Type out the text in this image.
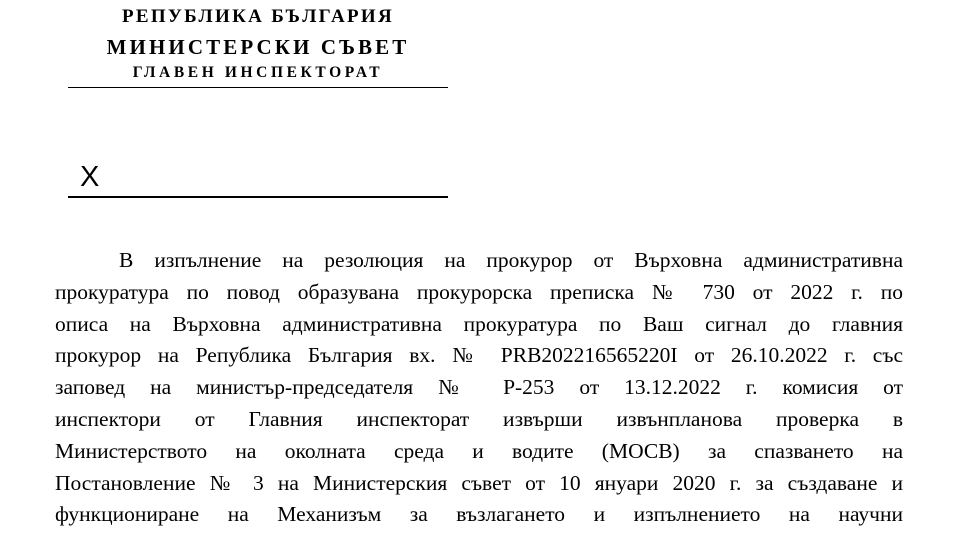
РЕПУБЛИКА БЪЛГАРИЯ
МИНИСТЕРСКИ СЪВЕТ
ГЛАВЕН ИНСПЕКТОРАТ
X
В изпълнение на резолюция на прокурор от Върховна административна
прокуратура по повод образувана прокурорска преписка № 730 от 2022 г. по
описа на Върховна административна прокуратура по Ваш сигнал до главния
прокурор на Република България вх. № PRB202216565220I от 26.10.2022 г. със
заповед на министър-председателя № Р-253 от 13.12.2022 г. комисия от
инспектори от Главния инспекторат извърши извънпланова проверка в
Министерството на околната среда и водите (МОСВ) за спазването на
Постановление № 3 на Министерския съвет от 10 януари 2020 г. за създаване и
функциониране на Механизъм за възлагането и изпълнението на научни
